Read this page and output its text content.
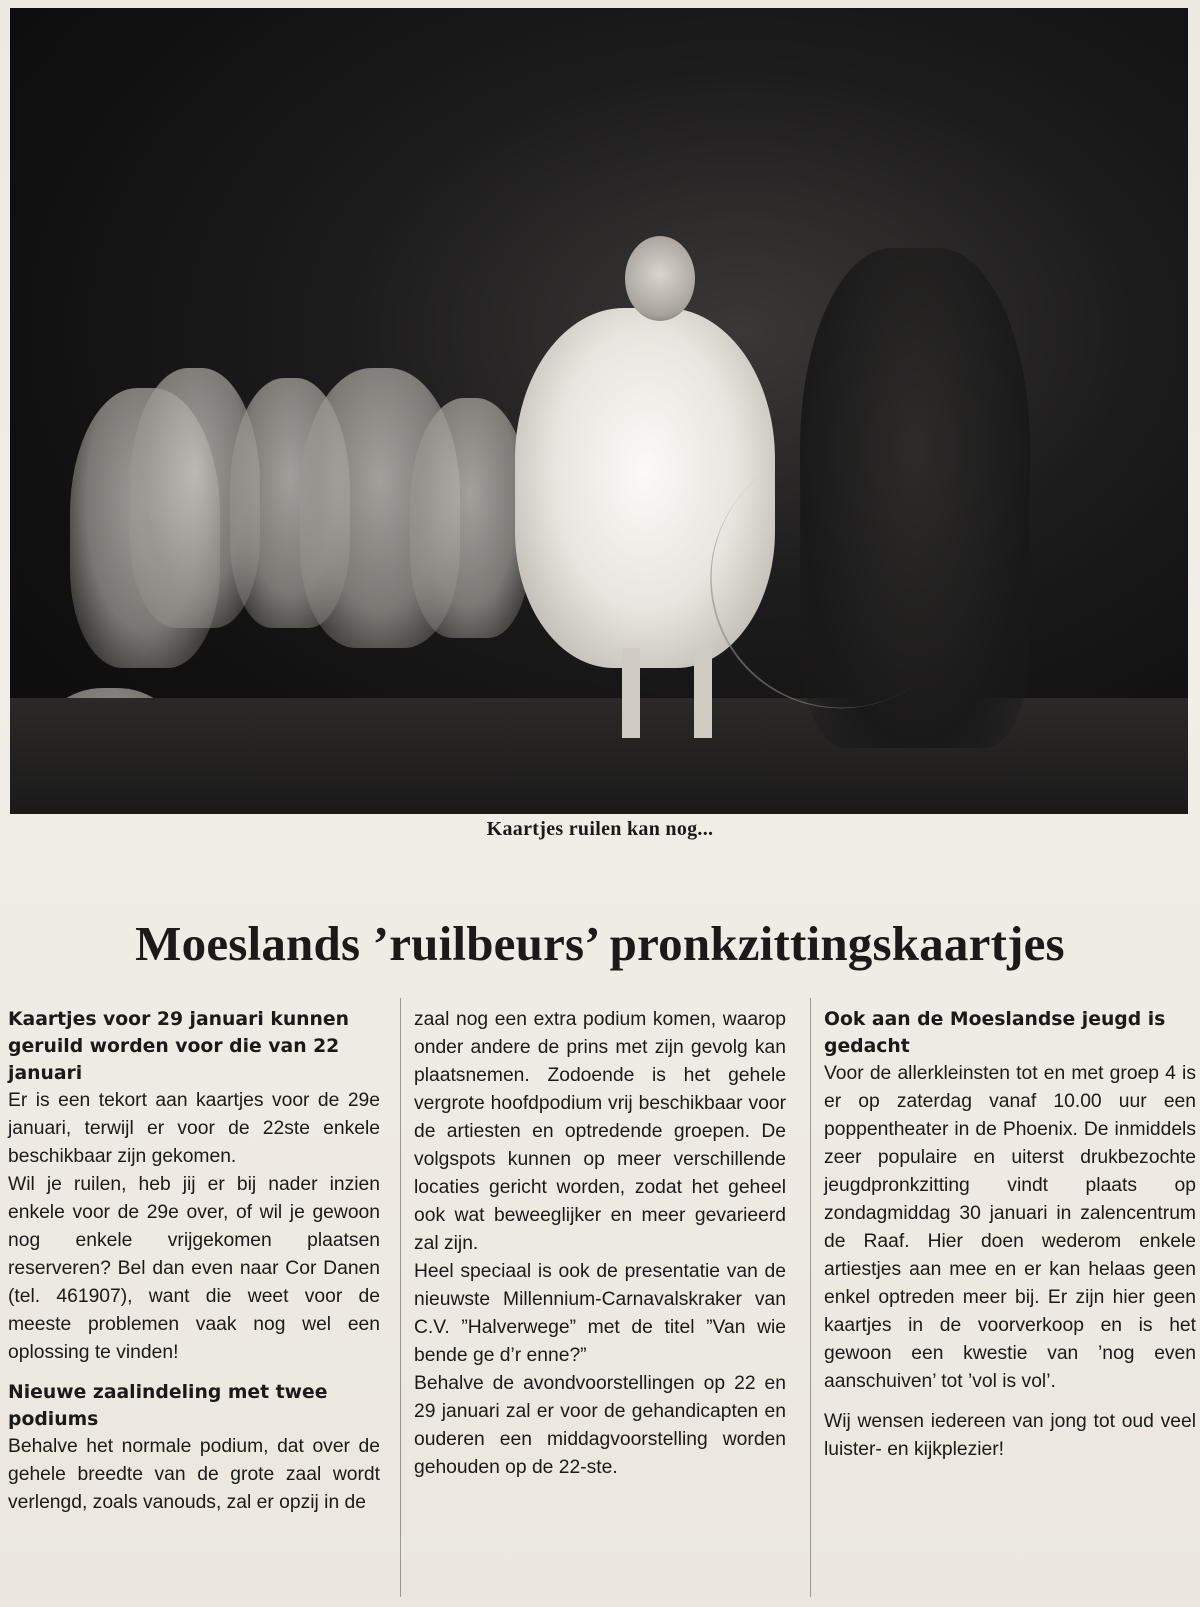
Kaartjes ruilen kan nog...
Moeslands ’ruilbeurs’ pronkzittingskaartjes
Kaartjes voor 29 januari kunnen geruild worden voor die van 22 januari

Er is een tekort aan kaartjes voor de 29e januari, terwijl er voor de 22ste enkele beschikbaar zijn gekomen.

Wil je ruilen, heb jij er bij nader inzien enkele voor de 29e over, of wil je gewoon nog enkele vrijgekomen plaatsen reserveren? Bel dan even naar Cor Danen (tel. 461907), want die weet voor de meeste problemen vaak nog wel een oplossing te vinden!

Nieuwe zaalindeling met twee podiums

Behalve het normale podium, dat over de gehele breedte van de grote zaal wordt verlengd, zoals vanouds, zal er opzij in de

zaal nog een extra podium komen, waarop onder andere de prins met zijn gevolg kan plaatsnemen. Zodoende is het gehele vergrote hoofdpodium vrij beschikbaar voor de artiesten en optredende groepen. De volgspots kunnen op meer verschillende locaties gericht worden, zodat het geheel ook wat beweeglijker en meer gevarieerd zal zijn.

Heel speciaal is ook de presentatie van de nieuwste Millennium-Carnavalskraker van C.V. ”Halverwege” met de titel ”Van wie bende ge d’r enne?”

Behalve de avondvoorstellingen op 22 en 29 januari zal er voor de gehandicapten en ouderen een middagvoorstelling worden gehouden op de 22-ste.

Ook aan de Moeslandse jeugd is gedacht

Voor de allerkleinsten tot en met groep 4 is er op zaterdag vanaf 10.00 uur een poppentheater in de Phoenix. De inmiddels zeer populaire en uiterst drukbezochte jeugdpronkzitting vindt plaats op zondagmiddag 30 januari in zalencentrum de Raaf. Hier doen wederom enkele artiestjes aan mee en er kan helaas geen enkel optreden meer bij. Er zijn hier geen kaartjes in de voorverkoop en is het gewoon een kwestie van ’nog even aanschuiven’ tot ’vol is vol’.

Wij wensen iedereen van jong tot oud veel luister- en kijkplezier!
